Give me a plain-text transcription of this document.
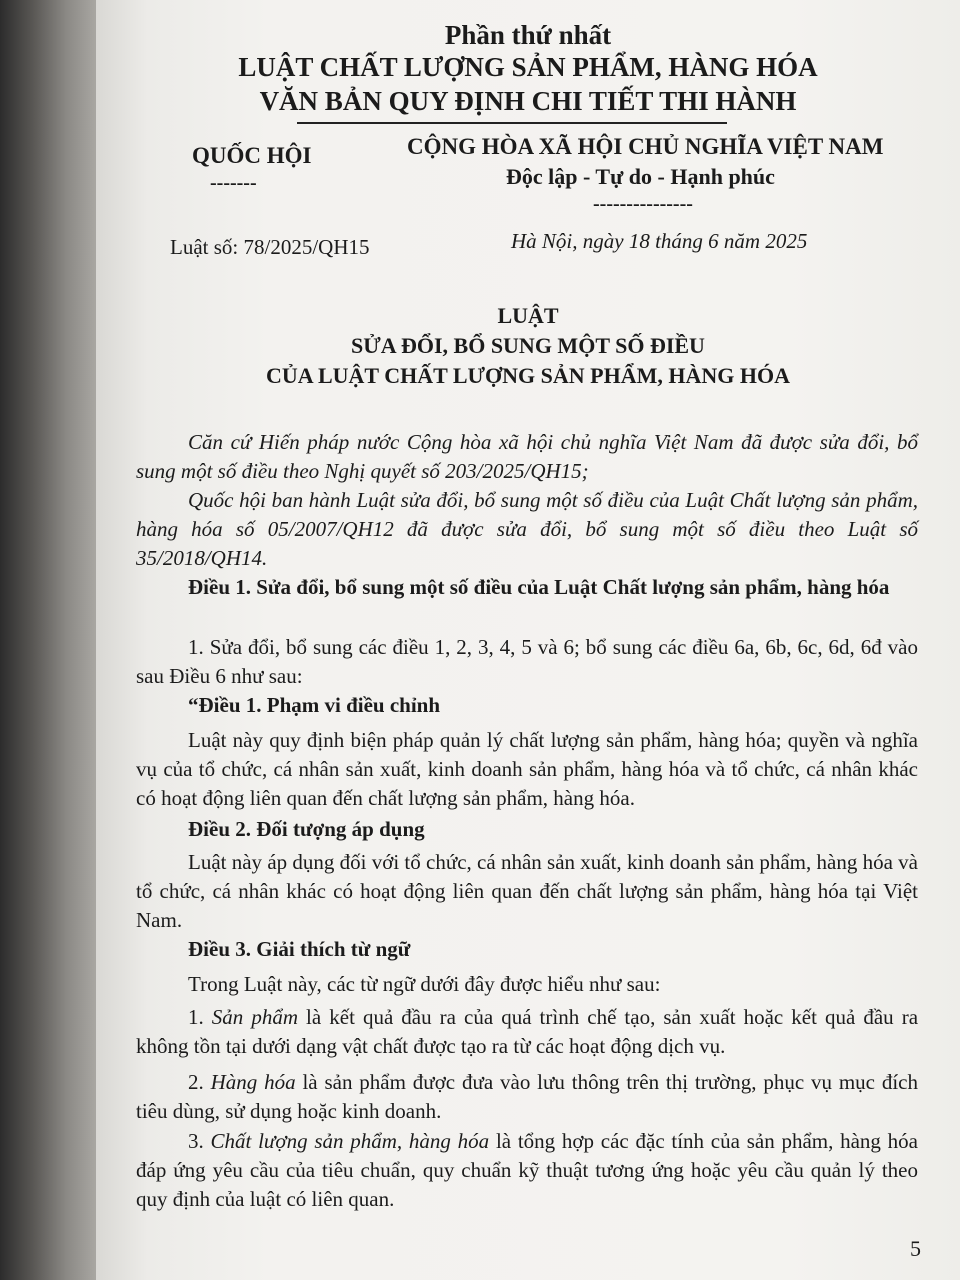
Phần thứ nhất
LUẬT CHẤT LƯỢNG SẢN PHẨM, HÀNG HÓA
VĂN BẢN QUY ĐỊNH CHI TIẾT THI HÀNH
QUỐC HỘI
-------
CỘNG HÒA XÃ HỘI CHỦ NGHĨA VIỆT NAM
Độc lập - Tự do - Hạnh phúc
---------------
Luật số: 78/2025/QH15	Hà Nội, ngày 18 tháng 6 năm 2025
LUẬT
SỬA ĐỔI, BỔ SUNG MỘT SỐ ĐIỀU
CỦA LUẬT CHẤT LƯỢNG SẢN PHẨM, HÀNG HÓA
Căn cứ Hiến pháp nước Cộng hòa xã hội chủ nghĩa Việt Nam đã được sửa đổi, bổ sung một số điều theo Nghị quyết số 203/2025/QH15;
Quốc hội ban hành Luật sửa đổi, bổ sung một số điều của Luật Chất lượng sản phẩm, hàng hóa số 05/2007/QH12 đã được sửa đổi, bổ sung một số điều theo Luật số 35/2018/QH14.
Điều 1. Sửa đổi, bổ sung một số điều của Luật Chất lượng sản phẩm, hàng hóa
1. Sửa đổi, bổ sung các điều 1, 2, 3, 4, 5 và 6; bổ sung các điều 6a, 6b, 6c, 6d, 6đ vào sau Điều 6 như sau:
“Điều 1. Phạm vi điều chỉnh
Luật này quy định biện pháp quản lý chất lượng sản phẩm, hàng hóa; quyền và nghĩa vụ của tổ chức, cá nhân sản xuất, kinh doanh sản phẩm, hàng hóa và tổ chức, cá nhân khác có hoạt động liên quan đến chất lượng sản phẩm, hàng hóa.
Điều 2. Đối tượng áp dụng
Luật này áp dụng đối với tổ chức, cá nhân sản xuất, kinh doanh sản phẩm, hàng hóa và tổ chức, cá nhân khác có hoạt động liên quan đến chất lượng sản phẩm, hàng hóa tại Việt Nam.
Điều 3. Giải thích từ ngữ
Trong Luật này, các từ ngữ dưới đây được hiểu như sau:
1. Sản phẩm là kết quả đầu ra của quá trình chế tạo, sản xuất hoặc kết quả đầu ra không tồn tại dưới dạng vật chất được tạo ra từ các hoạt động dịch vụ.
2. Hàng hóa là sản phẩm được đưa vào lưu thông trên thị trường, phục vụ mục đích tiêu dùng, sử dụng hoặc kinh doanh.
3. Chất lượng sản phẩm, hàng hóa là tổng hợp các đặc tính của sản phẩm, hàng hóa đáp ứng yêu cầu của tiêu chuẩn, quy chuẩn kỹ thuật tương ứng hoặc yêu cầu quản lý theo quy định của luật có liên quan.
5
